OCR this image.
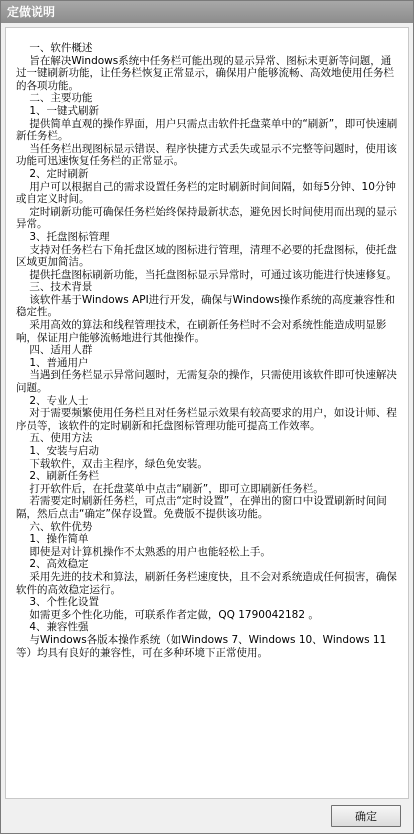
定做说明
一、软件概述
旨在解决Windows系统中任务栏可能出现的显示异常、图标未更新等问题，通过一键刷新功能，让任务栏恢复正常显示，确保用户能够流畅、高效地使用任务栏的各项功能。
二、主要功能
1、一键式刷新
提供简单直观的操作界面，用户只需点击软件托盘菜单中的“刷新”，即可快速刷新任务栏。
当任务栏出现图标显示错误、程序快捷方式丢失或显示不完整等问题时，使用该功能可迅速恢复任务栏的正常显示。
2、定时刷新
用户可以根据自己的需求设置任务栏的定时刷新时间间隔，如每5分钟、10分钟或自定义时间。
定时刷新功能可确保任务栏始终保持最新状态，避免因长时间使用而出现的显示异常。
3、托盘图标管理
支持对任务栏右下角托盘区域的图标进行管理，清理不必要的托盘图标，使托盘区域更加简洁。
提供托盘图标刷新功能，当托盘图标显示异常时，可通过该功能进行快速修复。
三、技术背景
该软件基于Windows API进行开发，确保与Windows操作系统的高度兼容性和稳定性。
采用高效的算法和线程管理技术，在刷新任务栏时不会对系统性能造成明显影响，保证用户能够流畅地进行其他操作。
四、适用人群
1、普通用户
当遇到任务栏显示异常问题时，无需复杂的操作，只需使用该软件即可快速解决问题。
2、专业人士
对于需要频繁使用任务栏且对任务栏显示效果有较高要求的用户，如设计师、程序员等，该软件的定时刷新和托盘图标管理功能可提高工作效率。
五、使用方法
1、安装与启动
下载软件，双击主程序，绿色免安装。
2、刷新任务栏
打开软件后，在托盘菜单中点击“刷新”，即可立即刷新任务栏。
若需要定时刷新任务栏，可点击“定时设置”，在弹出的窗口中设置刷新时间间隔，然后点击“确定”保存设置。免费版不提供该功能。
六、软件优势
1、操作简单
即使是对计算机操作不太熟悉的用户也能轻松上手。
2、高效稳定
采用先进的技术和算法，刷新任务栏速度快，且不会对系统造成任何损害，确保软件的高效稳定运行。
3、个性化设置
如需更多个性化功能，可联系作者定做，QQ 1790042182 。
4、兼容性强
与Windows各版本操作系统（如Windows 7、Windows 10、Windows 11等）均具有良好的兼容性，可在多种环境下正常使用。
确定
